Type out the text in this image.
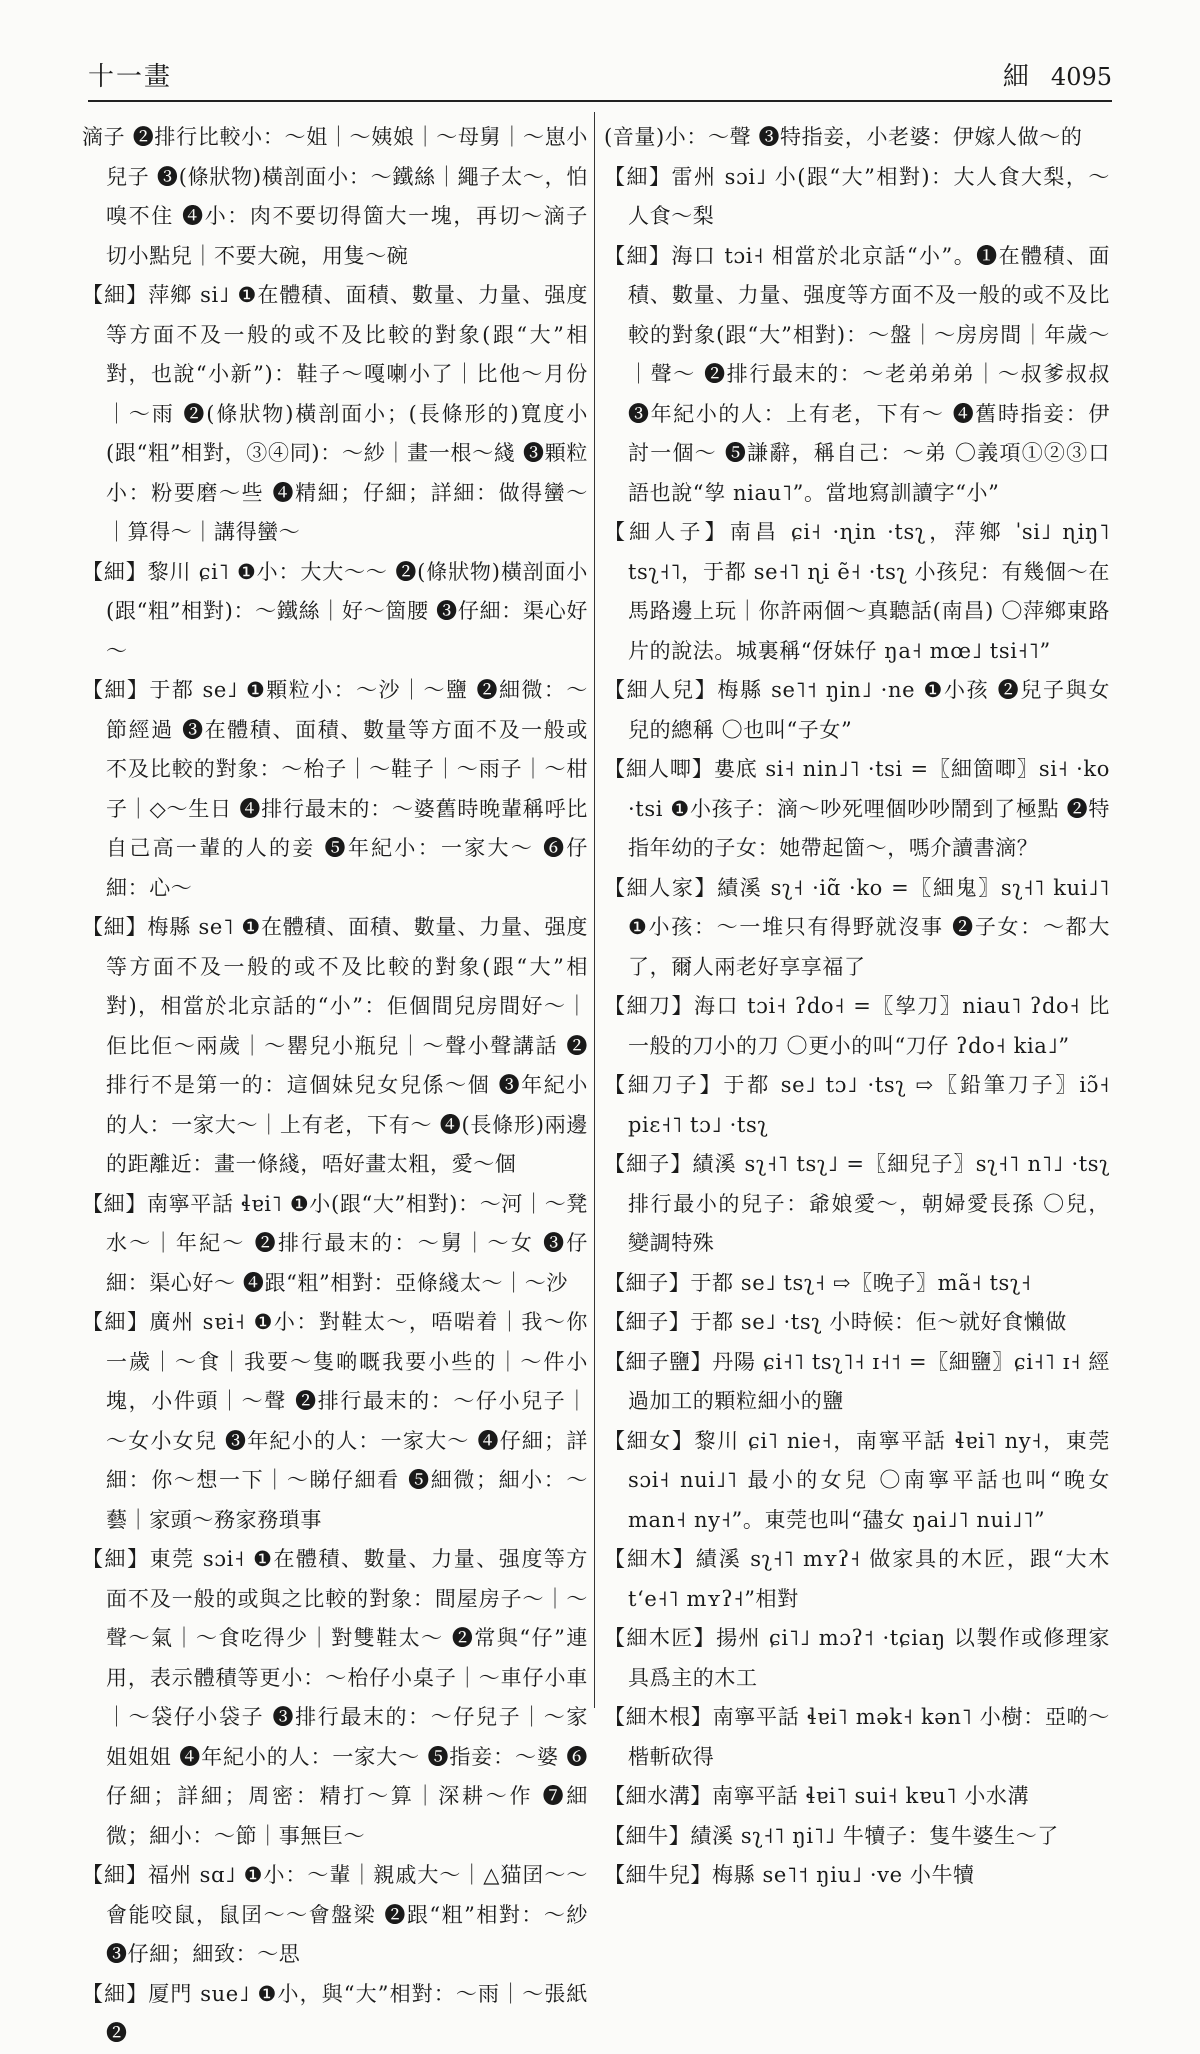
十一畫	細 4095

滴子 ❷排行比較小：～姐｜～姨娘｜～母舅｜～崽小兒子 ❸(條狀物)橫剖面小：～鐵絲｜繩子太～，怕嗅不住 ❹小：肉不要切得箇大一塊，再切～滴子切小點兒｜不要大碗，用隻～碗

【細】萍鄉 si˩ ❶在體積、面積、數量、力量、强度等方面不及一般的或不及比較的對象(跟“大”相對，也說“小新”)：鞋子～嘎喇小了｜比他～月份｜～雨 ❷(條狀物)橫剖面小；(長條形的)寬度小(跟“粗”相對，③④同)：～紗｜畫一根～綫 ❸顆粒小：粉要磨～些 ❹精細；仔細；詳細：做得蠻～｜算得～｜講得蠻～

【細】黎川 ɕi˥ ❶小：大大～～ ❷(條狀物)橫剖面小(跟“粗”相對)：～鐵絲｜好～箇腰 ❸仔細：渠心好～

【細】于都 se˩ ❶顆粒小：～沙｜～鹽 ❷細微：～節經過 ❸在體積、面積、數量等方面不及一般或不及比較的對象：～枱子｜～鞋子｜～雨子｜～柑子｜◇～生日 ❹排行最末的：～婆舊時晚輩稱呼比自己高一輩的人的妾 ❺年紀小：一家大～ ❻仔細：心～

【細】梅縣 se˥ ❶在體積、面積、數量、力量、强度等方面不及一般的或不及比較的對象(跟“大”相對)，相當於北京話的“小”：佢個間兒房間好～｜佢比佢～兩歲｜～罌兒小瓶兒｜～聲小聲講話 ❷排行不是第一的：這個妹兒女兒係～個 ❸年紀小的人：一家大～｜上有老，下有～ ❹(長條形)兩邊的距離近：畫一條綫，唔好畫太粗，愛～個

【細】南寧平話 ɬɐi˥ ❶小(跟“大”相對)：～河｜～凳水～｜年紀～ ❷排行最末的：～舅｜～女 ❸仔細：渠心好～ ❹跟“粗”相對：亞條綫太～｜～沙

【細】廣州 sɐi˧ ❶小：對鞋太～，唔啱着｜我～你一歲｜～食｜我要～隻啲嘅我要小些的｜～件小塊，小件頭｜～聲 ❷排行最末的：～仔小兒子｜～女小女兒 ❸年紀小的人：一家大～ ❹仔細；詳細：你～想一下｜～睇仔細看 ❺細微；細小：～藝｜家頭～務家務瑣事

【細】東莞 sɔi˧ ❶在體積、數量、力量、强度等方面不及一般的或與之比較的對象：間屋房子～｜～聲～氣｜～食吃得少｜對雙鞋太～ ❷常與“仔”連用，表示體積等更小：～枱仔小桌子｜～車仔小車｜～袋仔小袋子 ❸排行最末的：～仔兒子｜～家姐姐姐 ❹年紀小的人：一家大～ ❺指妾：～婆 ❻仔細；詳細；周密：精打～算｜深耕～作 ❼細微；細小：～節｜事無巨～

【細】福州 sɑ˩ ❶小：～輩｜親戚大～｜△猫囝～～會能咬鼠，鼠囝～～會盤梁 ❷跟“粗”相對：～紗 ❸仔細；細致：～思

【細】厦門 sue˩ ❶小，與“大”相對：～雨｜～張紙 ❷

(音量)小：～聲 ❸特指妾，小老婆：伊嫁人做～的

【細】雷州 sɔi˩ 小(跟“大”相對)：大人食大梨，～人食～梨

【細】海口 tɔi˧ 相當於北京話“小”。❶在體積、面積、數量、力量、强度等方面不及一般的或不及比較的對象(跟“大”相對)：～盤｜～房房間｜年歲～｜聲～ ❷排行最末的：～老弟弟弟｜～叔爹叔叔 ❸年紀小的人：上有老，下有～ ❹舊時指妾：伊討一個～ ❺謙辭，稱自己：～弟 〇義項①②③口語也說“孧 niau˥”。當地寫訓讀字“小”

【細人子】南昌 ɕi˧ ·ɳin ·tsʅ，萍鄉 ˈsi˩ ɳiŋ˥ tsʅ˧˥，于都 se˧˥ ɳi ẽ˧ ·tsʅ 小孩兒：有幾個～在馬路邊上玩｜你許兩個～真聽話(南昌) 〇萍鄉東路片的說法。城裏稱“伢妹仔 ŋa˧ mœ˩ tsi˧˥”

【細人兒】梅縣 se˥˦ ŋin˩ ·ne ❶小孩 ❷兒子與女兒的總稱 〇也叫“子女”

【細人唧】婁底 si˧ nin˩˥ ·tsi =〖細箇唧〗si˧ ·ko ·tsi ❶小孩子：滴～吵死哩個吵吵鬧到了極點 ❷特指年幼的子女：她帶起箇～，嗎介讀書滴？

【細人家】績溪 sʅ˧ ·iɑ̃ ·ko =〖細鬼〗sʅ˧˥ kui˩˥ ❶小孩：～一堆只有得野就沒事 ❷子女：～都大了，爾人兩老好享享福了

【細刀】海口 tɔi˧ ʔdo˧ =〖孧刀〗niau˥ ʔdo˧ 比一般的刀小的刀 〇更小的叫“刀仔 ʔdo˧ kia˩”

【細刀子】于都 se˩ tɔ˩ ·tsʅ ⇨〖鉛筆刀子〗iɔ̃˧ piɛ˧˥ tɔ˩ ·tsʅ

【細子】績溪 sʅ˧˥ tsʅ˩ =〖細兒子〗sʅ˧˥ n˥˩ ·tsʅ 排行最小的兒子：爺娘愛～，朝婦愛長孫 〇兒，變調特殊

【細子】于都 se˩ tsʅ˧ ⇨〖晚子〗mã˧ tsʅ˧

【細子】于都 se˩ ·tsʅ 小時候：佢～就好食懶做

【細子鹽】丹陽 ɕi˧˥ tsʅ˥˧ ɪ˧˦ =〖細鹽〗ɕi˧˥ ɪ˧ 經過加工的顆粒細小的鹽

【細女】黎川 ɕi˥ nie˧，南寧平話 ɬɐi˥ ny˧，東莞 sɔi˧ nui˩˥ 最小的女兒 〇南寧平話也叫“晚女 man˧ ny˧”。東莞也叫“孻女 ŋai˩˥ nui˩˥”

【細木】績溪 sʅ˧˥ mʏʔ˧ 做家具的木匠，跟“大木 tʻe˧˥ mʏʔ˧”相對

【細木匠】揚州 ɕi˥˩ mɔʔ˦ ·tɕiaŋ 以製作或修理家具爲主的木工

【細木根】南寧平話 ɬɐi˥ mək˧ kən˥ 小樹：亞啲～楷斬砍得

【細水溝】南寧平話 ɬɐi˥ sui˧ kɐu˥ 小水溝

【細牛】績溪 sʅ˧˥ ŋi˥˩ 牛犢子：隻牛婆生～了

【細牛兒】梅縣 se˥˦ ŋiu˩ ·ve 小牛犢
